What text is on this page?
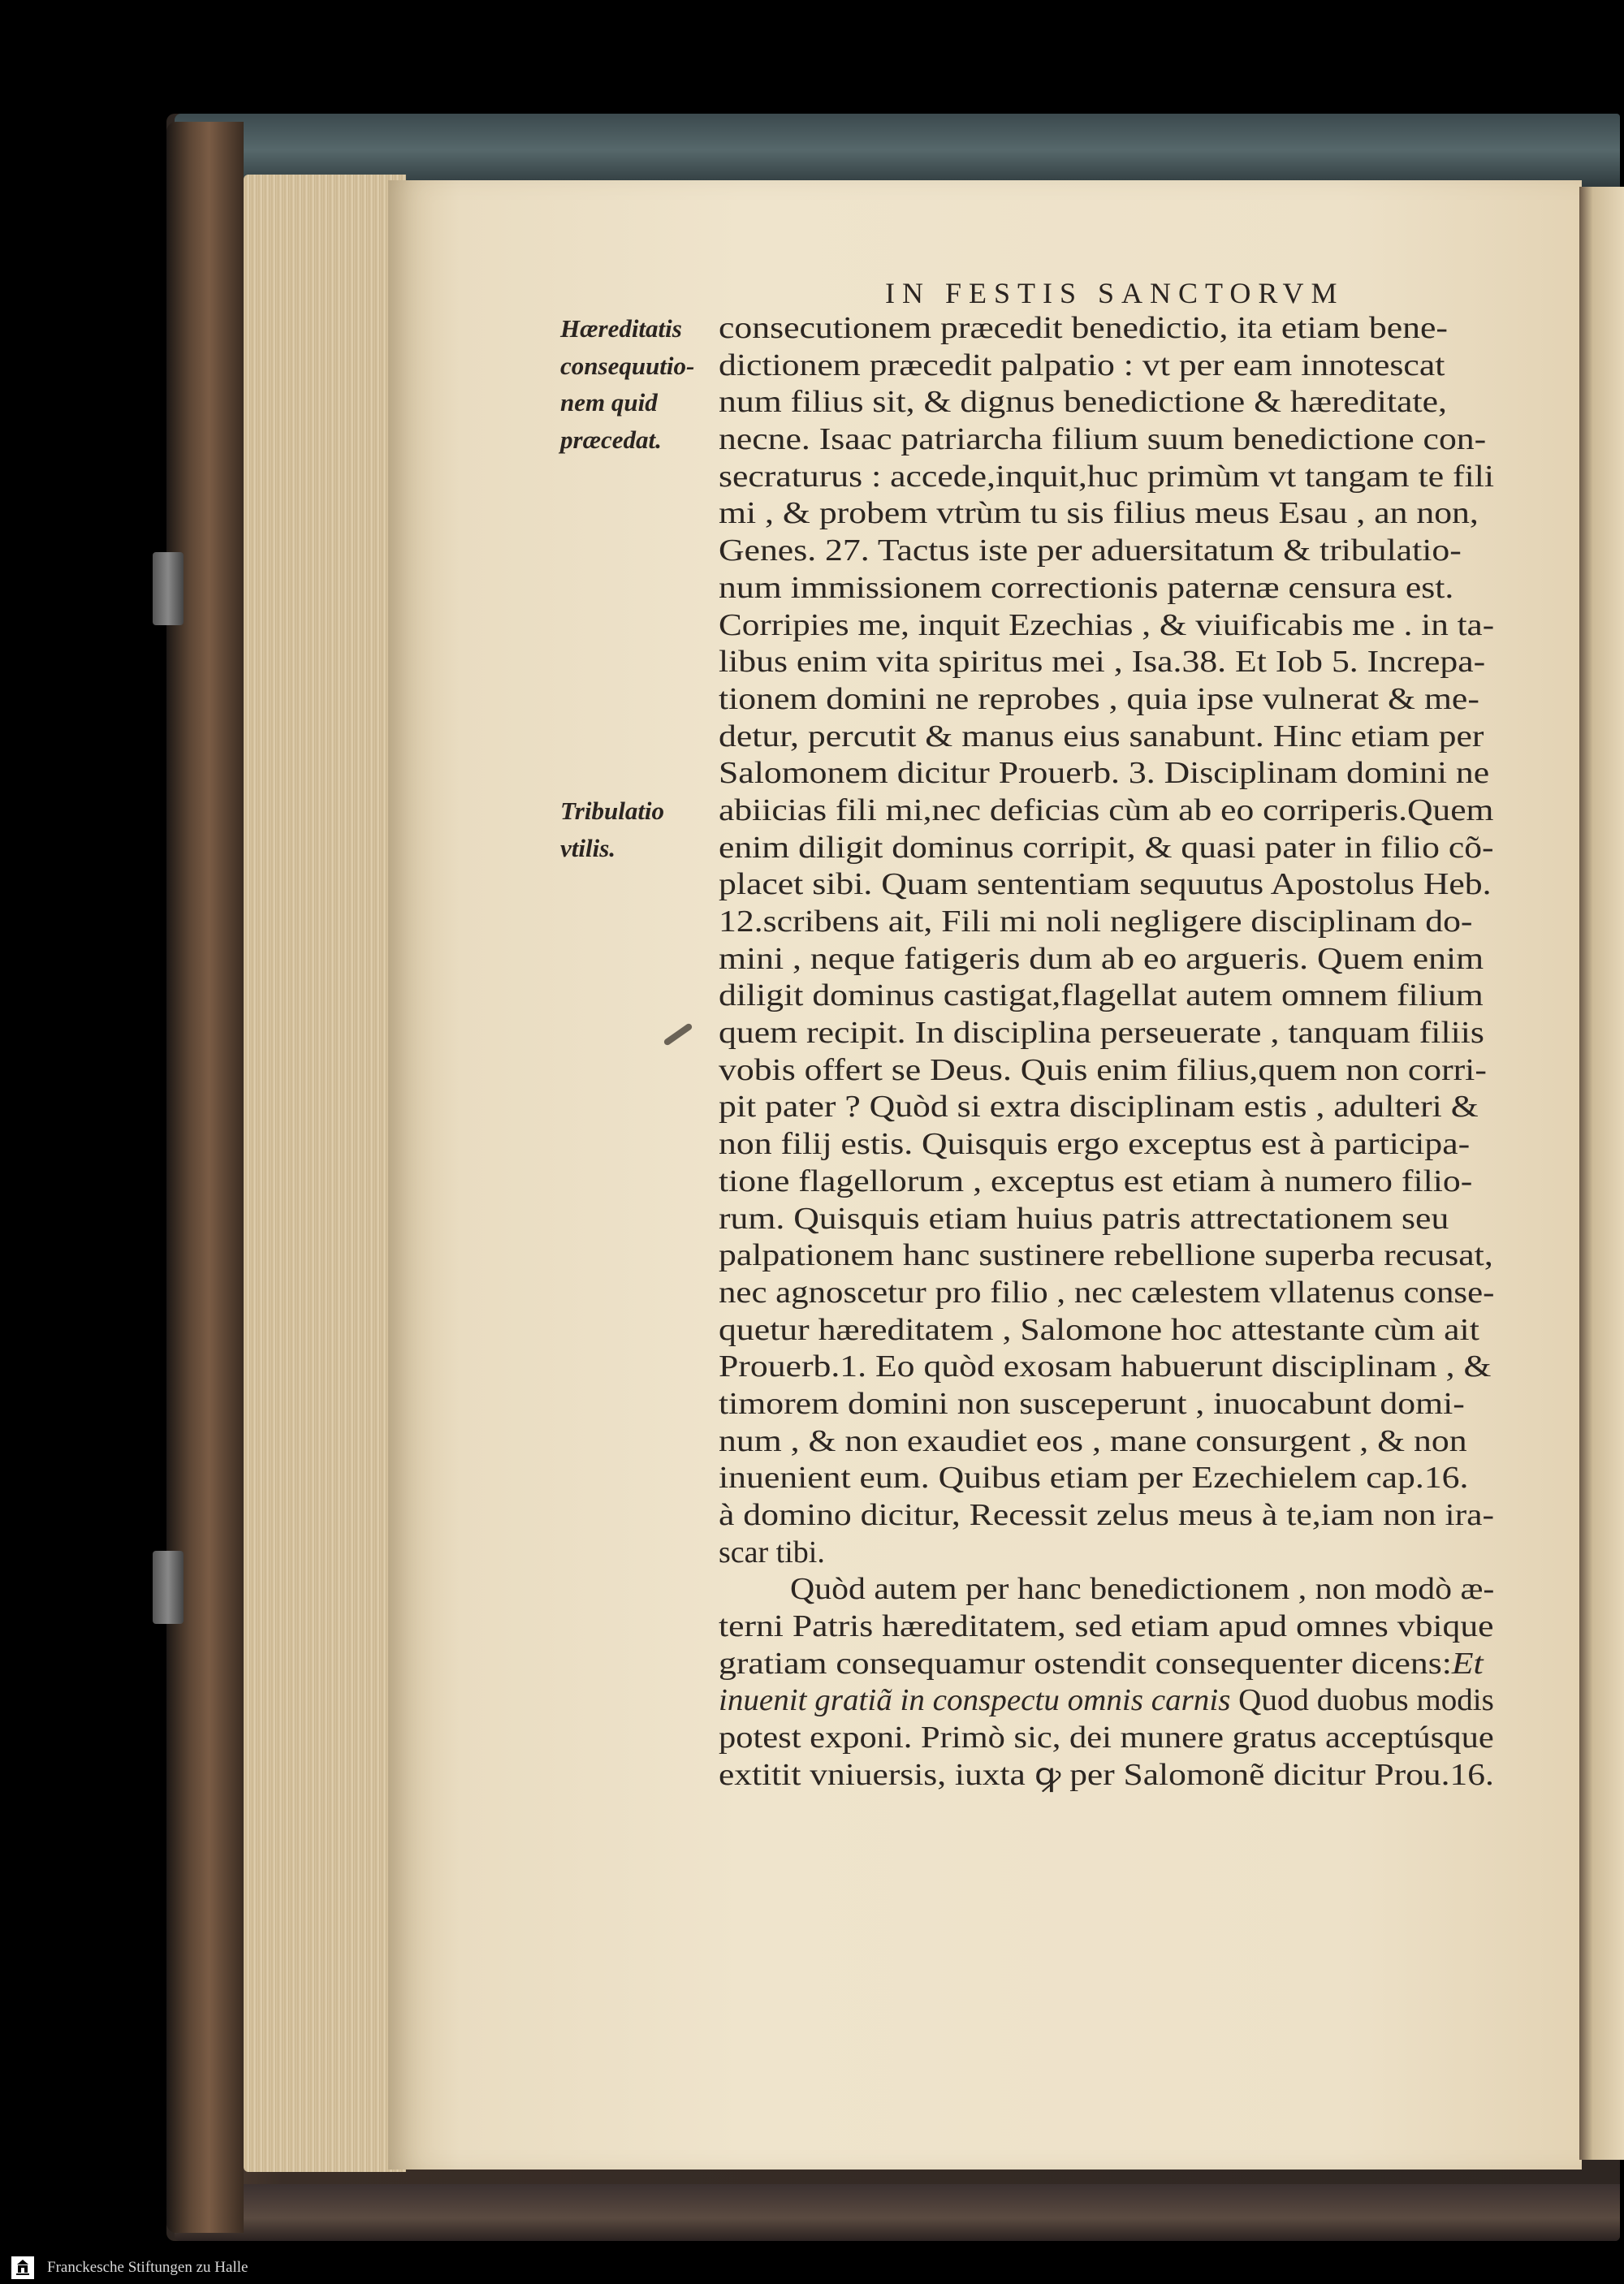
IN FESTIS SANCTORVM
Hæreditatis
consequutio-
nem quid
præcedat.
Tribulatio
vtilis.
consecutionem præcedit benedictio, ita etiam bene-
dictionem præcedit palpatio : vt per eam innotescat
num filius sit, & dignus benedictione & hæreditate,
necne. Isaac patriarcha filium suum benedictione con-
secraturus : accede,inquit,huc primùm vt tangam te fili
mi , & probem vtrùm tu sis filius meus Esau , an non,
Genes. 27. Tactus iste per aduersitatum & tribulatio-
num immissionem correctionis paternæ censura est.
Corripies me, inquit Ezechias , & viuificabis me . in ta-
libus enim vita spiritus mei , Isa.38. Et Iob 5. Increpa-
tionem domini ne reprobes , quia ipse vulnerat & me-
detur, percutit & manus eius sanabunt. Hinc etiam per
Salomonem dicitur Prouerb. 3. Disciplinam domini ne
abiicias fili mi,nec deficias cùm ab eo corriperis.Quem
enim diligit dominus corripit, & quasi pater in filio cõ-
placet sibi. Quam sententiam sequutus Apostolus Heb.
12.scribens ait, Fili mi noli negligere disciplinam do-
mini , neque fatigeris dum ab eo argueris. Quem enim
diligit dominus castigat,flagellat autem omnem filium
quem recipit. In disciplina perseuerate , tanquam filiis
vobis offert se Deus. Quis enim filius,quem non corri-
pit pater ? Quòd si extra disciplinam estis , adulteri &
non filij estis. Quisquis ergo exceptus est à participa-
tione flagellorum , exceptus est etiam à numero filio-
rum. Quisquis etiam huius patris attrectationem seu
palpationem hanc sustinere rebellione superba recusat,
nec agnoscetur pro filio , nec cælestem vllatenus conse-
quetur hæreditatem , Salomone hoc attestante cùm ait
Prouerb.1. Eo quòd exosam habuerunt disciplinam , &
timorem domini non susceperunt , inuocabunt domi-
num , & non exaudiet eos , mane consurgent , & non
inuenient eum. Quibus etiam per Ezechielem cap.16.
à domino dicitur, Recessit zelus meus à te,iam non ira-
scar tibi.
Quòd autem per hanc benedictionem , non modò æ-
terni Patris hæreditatem, sed etiam apud omnes vbique
gratiam consequamur ostendit consequenter dicens:Et
inuenit gratiã in conspectu omnis carnis Quod duobus modis
potest exponi. Primò sic, dei munere gratus acceptúsque
extitit vniuersis, iuxta ꝙ per Salomonẽ dicitur Prou.16.
Franckesche Stiftungen zu Halle
